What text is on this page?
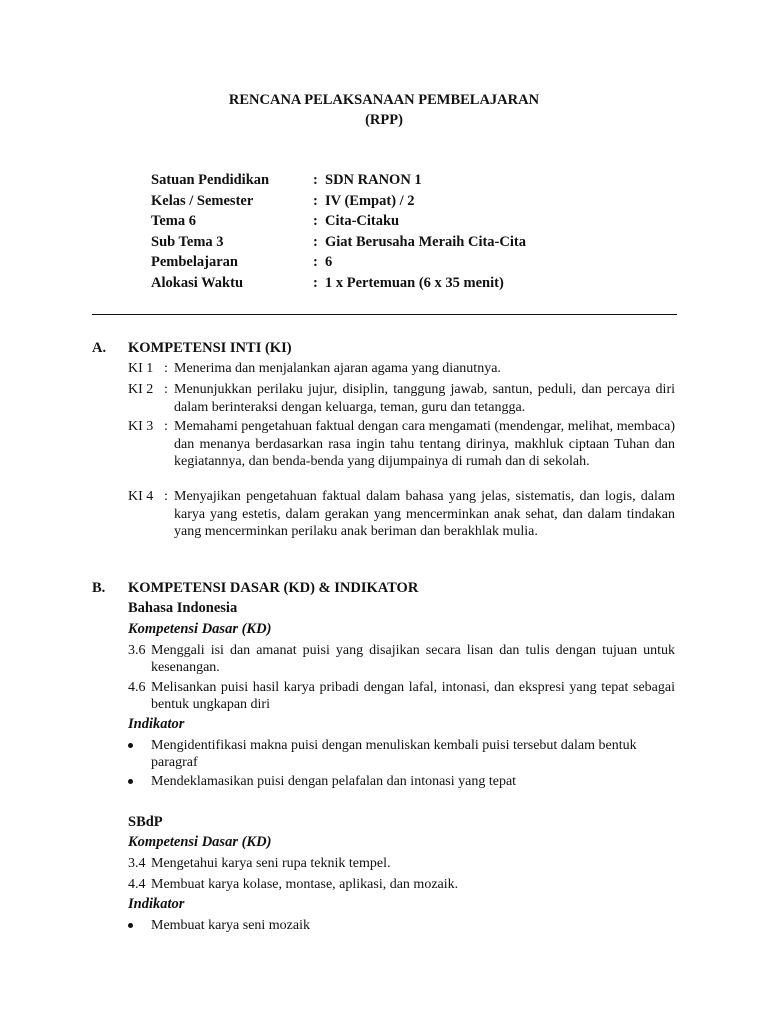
RENCANA PELAKSANAAN PEMBELAJARAN
(RPP)
Satuan Pendidikan	: SDN RANON 1
Kelas / Semester	: IV (Empat) / 2
Tema 6	: Cita-Citaku
Sub Tema 3	: Giat Berusaha Meraih Cita-Cita
Pembelajaran	: 6
Alokasi Waktu	: 1 x Pertemuan (6 x 35 menit)
A. KOMPETENSI INTI (KI)
KI 1 : Menerima dan menjalankan ajaran agama yang dianutnya.
KI 2 : Menunjukkan perilaku jujur, disiplin, tanggung jawab, santun, peduli, dan percaya diri dalam berinteraksi dengan keluarga, teman, guru dan tetangga.
KI 3 : Memahami pengetahuan faktual dengan cara mengamati (mendengar, melihat, membaca) dan menanya berdasarkan rasa ingin tahu tentang dirinya, makhluk ciptaan Tuhan dan kegiatannya, dan benda-benda yang dijumpainya di rumah dan di sekolah.
KI 4 : Menyajikan pengetahuan faktual dalam bahasa yang jelas, sistematis, dan logis, dalam karya yang estetis, dalam gerakan yang mencerminkan anak sehat, dan dalam tindakan yang mencerminkan perilaku anak beriman dan berakhlak mulia.
B. KOMPETENSI DASAR (KD) & INDIKATOR
Bahasa Indonesia
Kompetensi Dasar (KD)
3.6 Menggali isi dan amanat puisi yang disajikan secara lisan dan tulis dengan tujuan untuk kesenangan.
4.6 Melisankan puisi hasil karya pribadi dengan lafal, intonasi, dan ekspresi yang tepat sebagai bentuk ungkapan diri
Indikator
Mengidentifikasi makna puisi dengan menuliskan kembali puisi tersebut dalam bentuk paragraf
Mendeklamasikan puisi dengan pelafalan dan intonasi yang tepat
SBdP
Kompetensi Dasar (KD)
3.4 Mengetahui karya seni rupa teknik tempel.
4.4 Membuat karya kolase, montase, aplikasi, dan mozaik.
Indikator
Membuat karya seni mozaik
